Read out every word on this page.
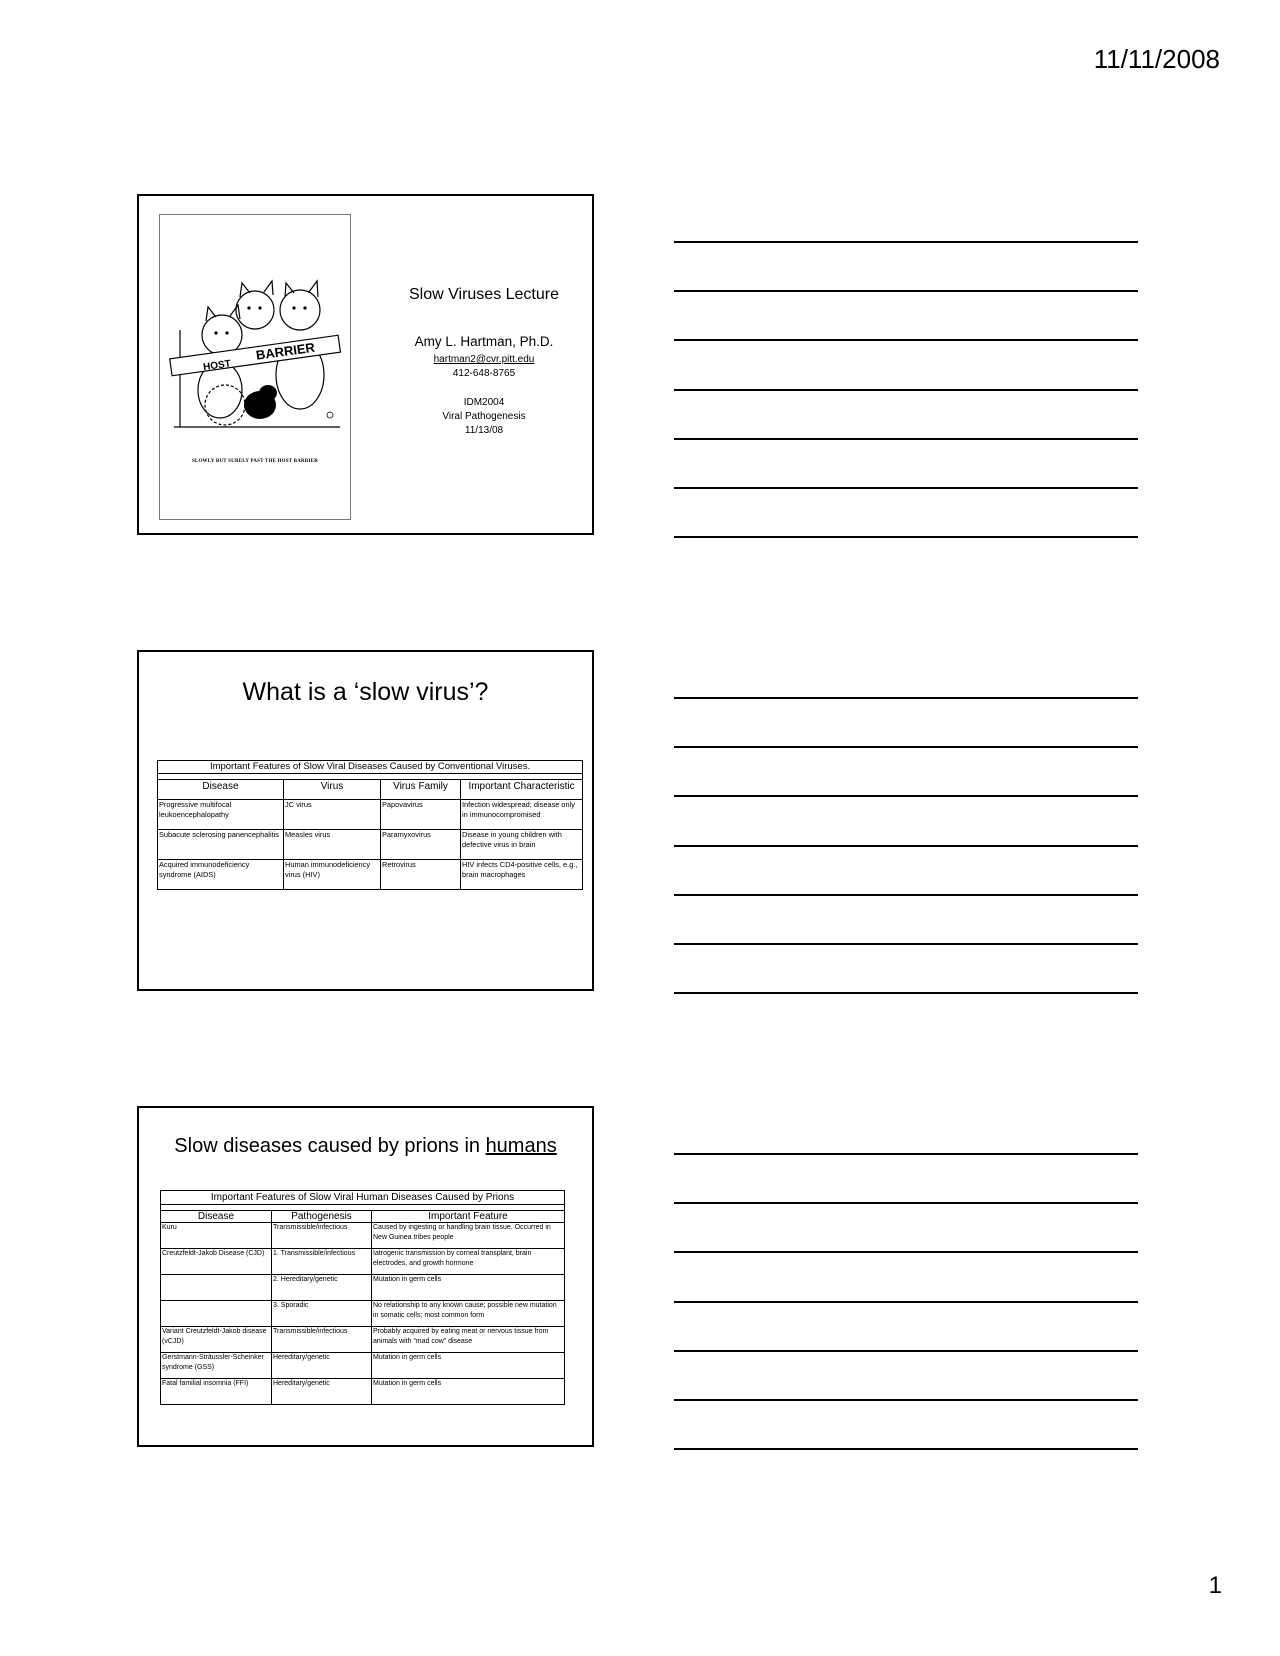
11/11/2008
HOST
BARRIER
SLOWLY BUT SURELY PAST THE HOST BARRIER
Slow Viruses Lecture
Amy L. Hartman, Ph.D.
hartman2@cvr.pitt.edu
412-648-8765
IDM2004
Viral Pathogenesis
11/13/08
What is a ‘slow virus’?
Important Features of Slow Viral Diseases Caused by Conventional Viruses.			

Disease	Virus	Virus Family	Important Characteristic
Progressive multifocal leukoencephalopathy	JC virus	Papovavirus	Infection widespread; disease only in immunocompromised
Subacute sclerosing panencephalitis	Measles virus	Paramyxovirus	Disease in young children with defective virus in brain
Acquired immunodeficiency syndrome (AIDS)	Human immunodeficiency virus (HIV)	Retrovirus	HIV infects CD4-positive cells, e.g., brain macrophages
Slow diseases caused by prions in humans
Important Features of Slow Viral Human Diseases Caused by Prions		

Disease	Pathogenesis	Important Feature
Kuru	Transmissible/infectious	Caused by ingesting or handling brain tissue. Occurred in New Guinea tribes people
Creutzfeldt-Jakob Disease (CJD)	1. Transmissible/infectious	Iatrogenic transmission by corneal transplant, brain electrodes, and growth hormone
	2. Hereditary/genetic	Mutation in germ cells
	3. Sporadic	No relationship to any known cause; possible new mutation in somatic cells; most common form
Variant Creutzfeldt-Jakob disease (vCJD)	Transmissible/infectious	Probably acquired by eating meat or nervous tissue from animals with “mad cow” disease
Gerstmann-Sträussler-Scheinker syndrome (GSS)	Hereditary/genetic	Mutation in germ cells
Fatal familial insomnia (FFI)	Hereditary/genetic	Mutation in germ cells
1
